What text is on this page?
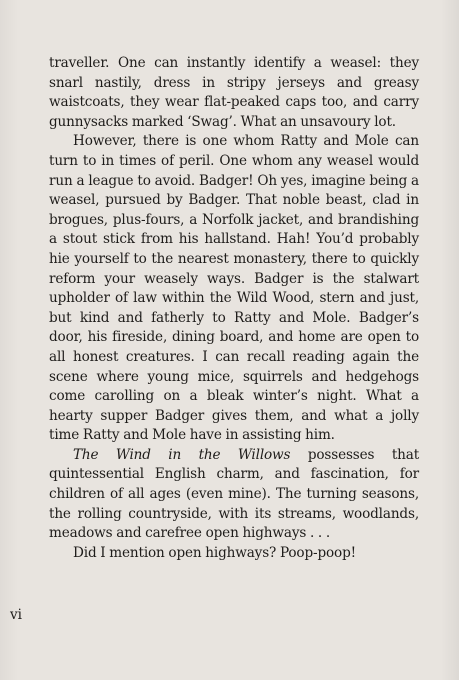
traveller. One can instantly identify a weasel: they snarl nastily, dress in stripy jerseys and greasy waistcoats, they wear flat-peaked caps too, and carry gunnysacks marked ‘Swag’. What an unsavoury lot.

However, there is one whom Ratty and Mole can turn to in times of peril. One whom any weasel would run a league to avoid. Badger! Oh yes, imagine being a weasel, pursued by Badger. That noble beast, clad in brogues, plus-fours, a Norfolk jacket, and brandishing a stout stick from his hallstand. Hah! You’d probably hie yourself to the nearest monastery, there to quickly reform your weasely ways. Badger is the stalwart upholder of law within the Wild Wood, stern and just, but kind and fatherly to Ratty and Mole. Badger’s door, his fireside, dining board, and home are open to all honest creatures. I can recall reading again the scene where young mice, squirrels and hedgehogs come carolling on a bleak winter’s night. What a hearty supper Badger gives them, and what a jolly time Ratty and Mole have in assisting him.

The Wind in the Willows possesses that quintessential English charm, and fascination, for children of all ages (even mine). The turning seasons, the rolling countryside, with its streams, woodlands, meadows and carefree open highways . . .

Did I mention open highways? Poop-poop!

vi
